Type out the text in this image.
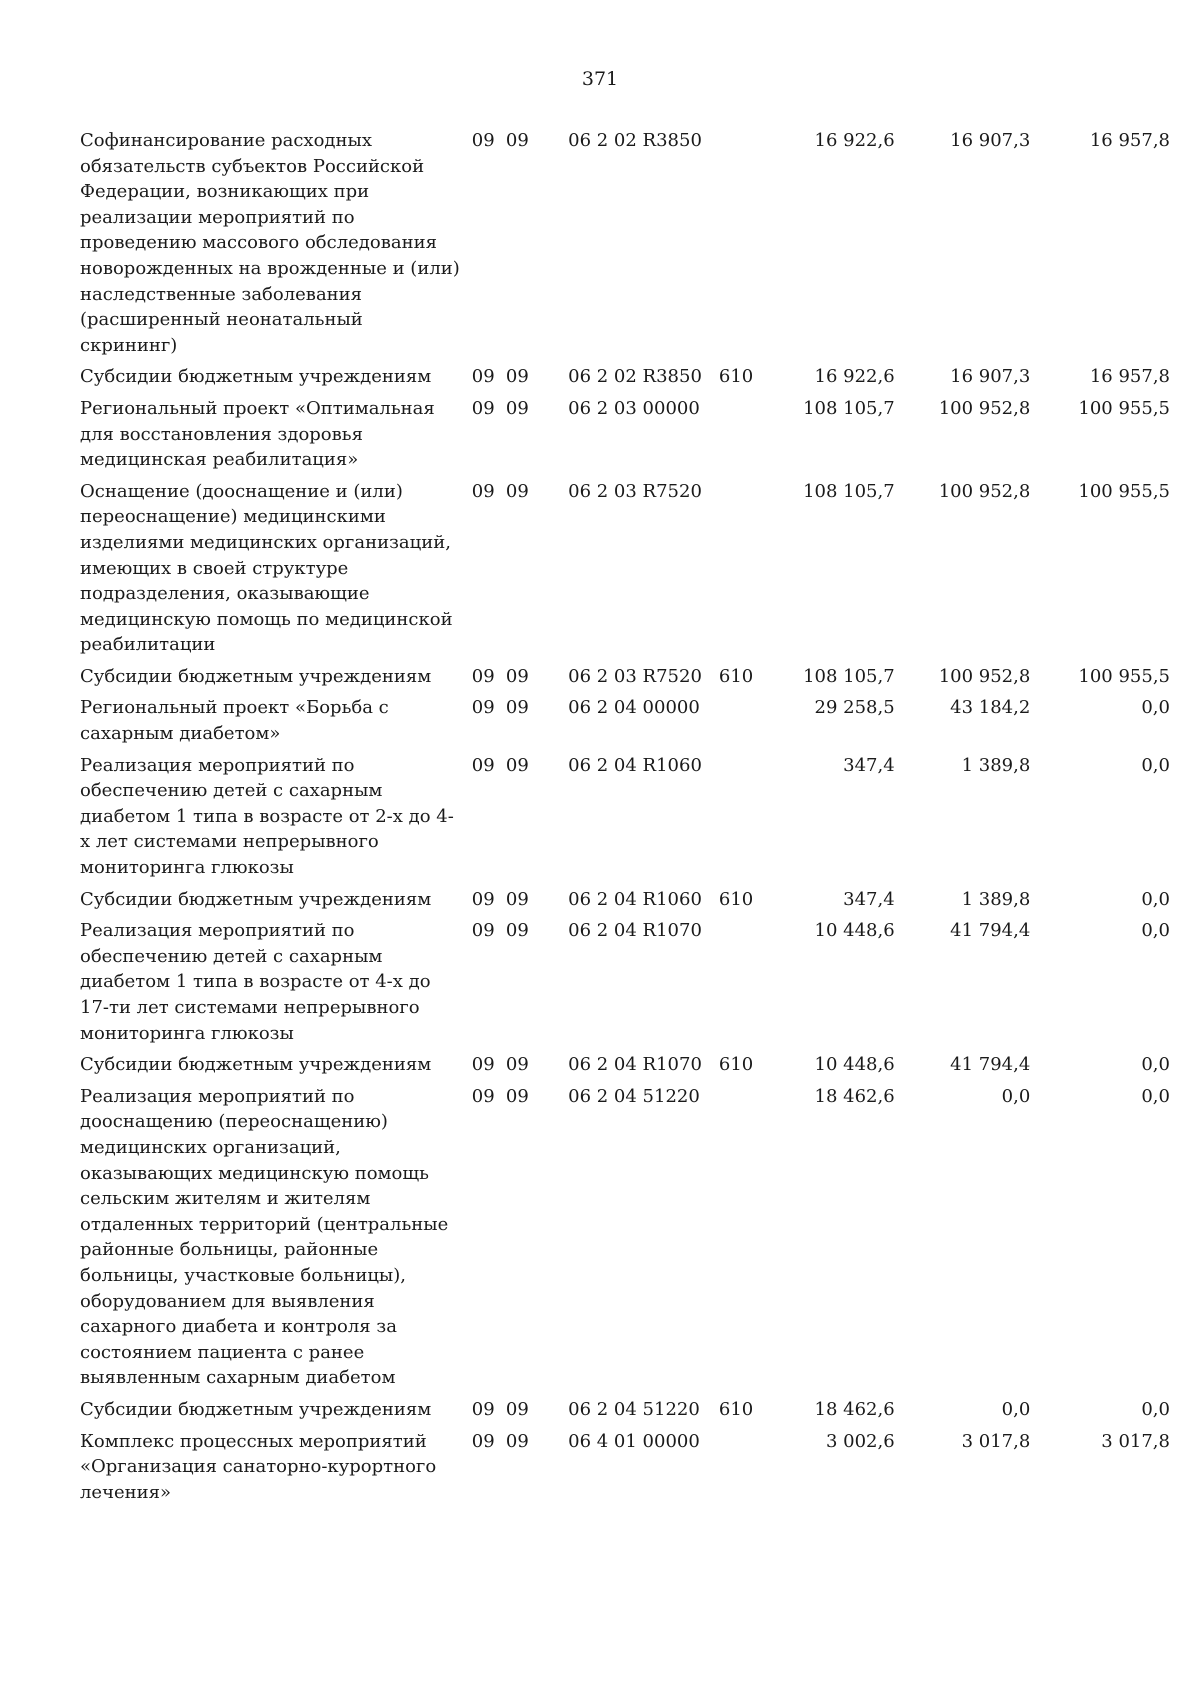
371
Софинансирование расходных обязательств субъектов Российской Федерации, возникающих при реализации мероприятий по проведению массового обследования новорожденных на врожденные и (или) наследственные заболевания (расширенный неонатальный скрининг)	09	09	06 2 02 R3850		16 922,6	16 907,3	16 957,8
Субсидии бюджетным учреждениям	09	09	06 2 02 R3850	610	16 922,6	16 907,3	16 957,8
Региональный проект «Оптимальная для восстановления здоровья медицинская реабилитация»	09	09	06 2 03 00000		108 105,7	100 952,8	100 955,5
Оснащение (дооснащение и (или) переоснащение) медицинскими изделиями медицинских организаций, имеющих в своей структуре подразделения, оказывающие медицинскую помощь по медицинской реабилитации	09	09	06 2 03 R7520		108 105,7	100 952,8	100 955,5
Субсидии бюджетным учреждениям	09	09	06 2 03 R7520	610	108 105,7	100 952,8	100 955,5
Региональный проект «Борьба с сахарным диабетом»	09	09	06 2 04 00000		29 258,5	43 184,2	0,0
Реализация мероприятий по обеспечению детей с сахарным диабетом 1 типа в возрасте от 2-х до 4-х лет системами непрерывного мониторинга глюкозы	09	09	06 2 04 R1060		347,4	1 389,8	0,0
Субсидии бюджетным учреждениям	09	09	06 2 04 R1060	610	347,4	1 389,8	0,0
Реализация мероприятий по обеспечению детей с сахарным диабетом 1 типа в возрасте от 4-х до 17-ти лет системами непрерывного мониторинга глюкозы	09	09	06 2 04 R1070		10 448,6	41 794,4	0,0
Субсидии бюджетным учреждениям	09	09	06 2 04 R1070	610	10 448,6	41 794,4	0,0
Реализация мероприятий по дооснащению (переоснащению) медицинских организаций, оказывающих медицинскую помощь сельским жителям и жителям отдаленных территорий (центральные районные больницы, районные больницы, участковые больницы), оборудованием для выявления сахарного диабета и контроля за состоянием пациента с ранее выявленным сахарным диабетом	09	09	06 2 04 51220		18 462,6	0,0	0,0
Субсидии бюджетным учреждениям	09	09	06 2 04 51220	610	18 462,6	0,0	0,0
Комплекс процессных мероприятий «Организация санаторно-курортного лечения»	09	09	06 4 01 00000		3 002,6	3 017,8	3 017,8
